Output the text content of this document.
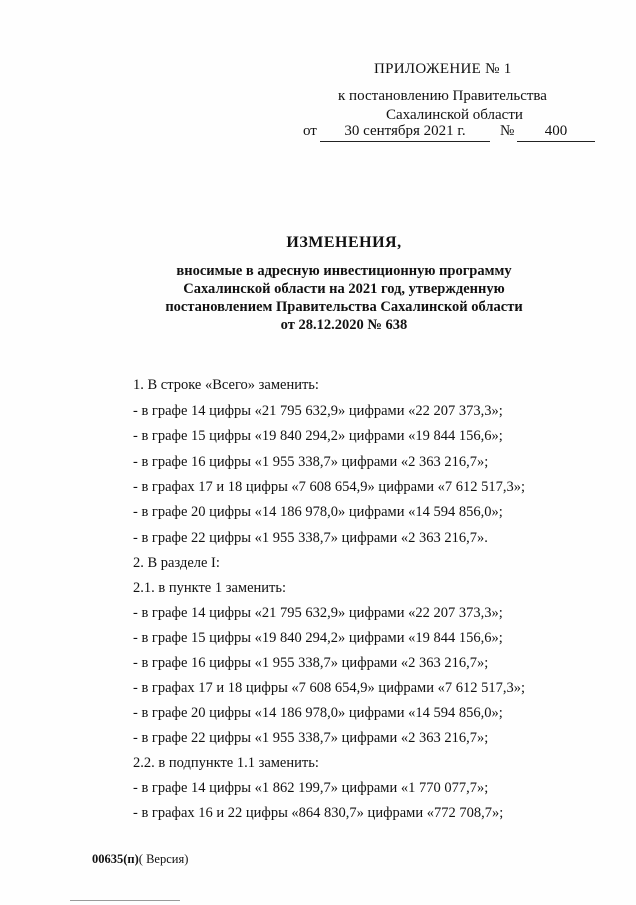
ПРИЛОЖЕНИЕ № 1
к постановлению Правительства
Сахалинской области
от	30 сентября 2021 г.	№	400
ИЗМЕНЕНИЯ,
вносимые в адресную инвестиционную программу
Сахалинской области на 2021 год, утвержденную
постановлением Правительства Сахалинской области
от 28.12.2020 № 638
1. В строке «Всего» заменить:
- в графе 14 цифры «21 795 632,9» цифрами «22 207 373,3»;
- в графе 15 цифры «19 840 294,2» цифрами «19 844 156,6»;
- в графе 16 цифры «1 955 338,7» цифрами «2 363 216,7»;
- в графах 17 и 18 цифры «7 608 654,9» цифрами «7 612 517,3»;
- в графе 20 цифры «14 186 978,0» цифрами «14 594 856,0»;
- в графе 22 цифры «1 955 338,7» цифрами «2 363 216,7».
2. В разделе I:
2.1. в пункте 1 заменить:
- в графе 14 цифры «21 795 632,9» цифрами «22 207 373,3»;
- в графе 15 цифры «19 840 294,2» цифрами «19 844 156,6»;
- в графе 16 цифры «1 955 338,7» цифрами «2 363 216,7»;
- в графах 17 и 18 цифры «7 608 654,9» цифрами «7 612 517,3»;
- в графе 20 цифры «14 186 978,0» цифрами «14 594 856,0»;
- в графе 22 цифры «1 955 338,7» цифрами «2 363 216,7»;
2.2. в подпункте 1.1 заменить:
- в графе 14 цифры «1 862 199,7» цифрами «1 770 077,7»;
- в графах 16 и 22 цифры «864 830,7» цифрами «772 708,7»;
00635(п)( Версия)
